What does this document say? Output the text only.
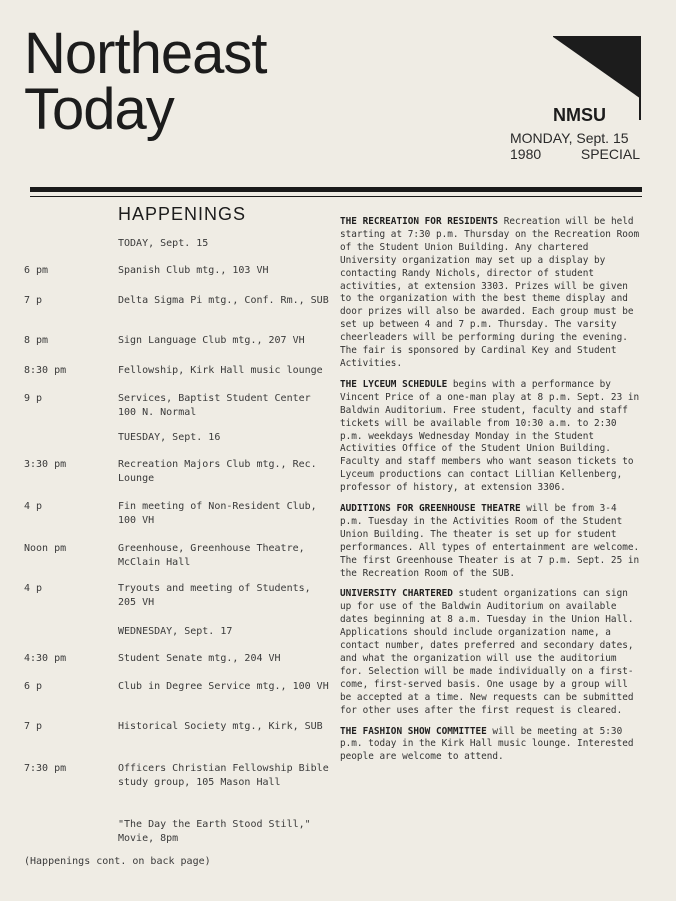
Northeast
Today	NMSU
MONDAY, Sept. 15
1980	SPECIAL
HAPPENINGS
TODAY, Sept. 15
6 pm	Spanish Club mtg., 103 VH
7 p	Delta Sigma Pi mtg., Conf. Rm., SUB
8 pm	Sign Language Club mtg., 207 VH
8:30 pm	Fellowship, Kirk Hall music lounge
9 p	Services, Baptist Student Center 100 N. Normal
TUESDAY, Sept. 16
3:30 pm	Recreation Majors Club mtg., Rec. Lounge
4 p	Fin meeting of Non-Resident Club, 100 VH
Noon pm	Greenhouse, Greenhouse Theatre, McClain Hall
4 p	Tryouts and meeting of Students, 205 VH
WEDNESDAY, Sept. 17
4:30 pm	Student Senate mtg., 204 VH
6 p	Club in Degree Service mtg., 100 VH
7 p	Historical Society mtg., Kirk, SUB
7:30 pm	Officers Christian Fellowship Bible study group, 105 Mason Hall
"The Day the Earth Stood Still," Movie, 8pm
(Happenings cont. on back page)

THE RECREATION FOR RESIDENTS Recreation will be held starting at 7:30 p.m. Thursday on the Recreation Room of the Student Union Building. Any chartered University organization may set up a display by contacting Randy Nichols, director of student activities, at extension 3303. Prizes will be given to the organization with the best theme display and door prizes will also be awarded. Each group must be set up between 4 and 7 p.m. Thursday. The varsity cheerleaders will be performing during the evening. The fair is sponsored by Cardinal Key and Student Activities.

THE LYCEUM SCHEDULE begins with a performance by Vincent Price of a one-man play at 8 p.m. Sept. 23 in Baldwin Auditorium. Free student, faculty and staff tickets will be available from 10:30 a.m. to 2:30 p.m. weekdays Wednesday Monday in the Student Activities Office of the Student Union Building. Faculty and staff members who want season tickets to Lyceum productions can contact Lillian Kellenberg, professor of history, at extension 3306.

AUDITIONS FOR GREENHOUSE THEATRE will be from 3-4 p.m. Tuesday in the Activities Room of the Student Union Building. The theater is set up for student performances. All types of entertainment are welcome. The first Greenhouse Theater is at 7 p.m. Sept. 25 in the Recreation Room of the SUB.

UNIVERSITY CHARTERED student organizations can sign up for use of the Baldwin Auditorium on available dates beginning at 8 a.m. Tuesday in the Union Hall. Applications should include organization name, a contact number, dates preferred and secondary dates, and what the organization will use the auditorium for. Selection will be made individually on a first-come, first-served basis. One usage by a group will be accepted at a time. New requests can be submitted for other uses after the first request is cleared.

THE FASHION SHOW COMMITTEE will be meeting at 5:30 p.m. today in the Kirk Hall music lounge. Interested people are welcome to attend.
